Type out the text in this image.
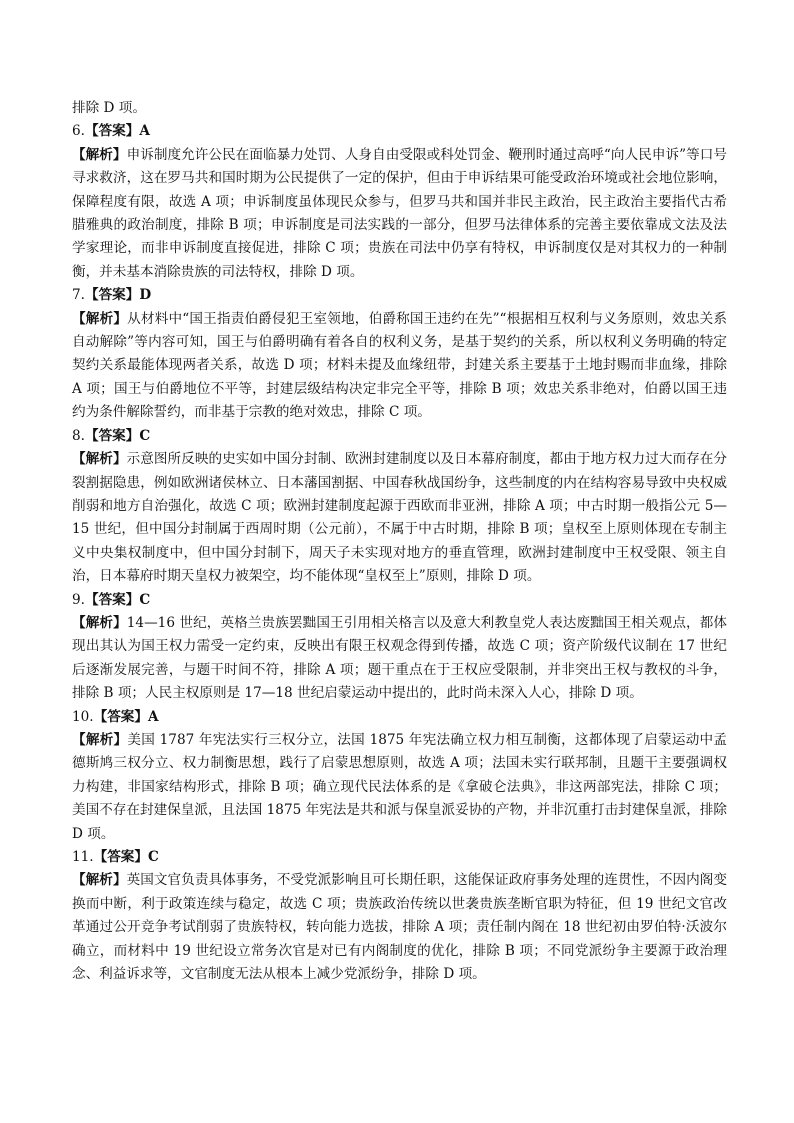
排除 D 项。

6.【答案】A

【解析】申诉制度允许公民在面临暴力处罚、人身自由受限或科处罚金、鞭刑时通过高呼“向人民申诉”等口号寻求救济，这在罗马共和国时期为公民提供了一定的保护，但由于申诉结果可能受政治环境或社会地位影响，保障程度有限，故选 A 项；申诉制度虽体现民众参与，但罗马共和国并非民主政治，民主政治主要指代古希腊雅典的政治制度，排除 B 项；申诉制度是司法实践的一部分，但罗马法律体系的完善主要依靠成文法及法学家理论，而非申诉制度直接促进，排除 C 项；贵族在司法中仍享有特权，申诉制度仅是对其权力的一种制衡，并未基本消除贵族的司法特权，排除 D 项。

7.【答案】D

【解析】从材料中“国王指责伯爵侵犯王室领地，伯爵称国王违约在先”“根据相互权利与义务原则，效忠关系自动解除”等内容可知，国王与伯爵明确有着各自的权利义务，是基于契约的关系，所以权利义务明确的特定契约关系最能体现两者关系，故选 D 项；材料未提及血缘纽带，封建关系主要基于土地封赐而非血缘，排除 A 项；国王与伯爵地位不平等，封建层级结构决定非完全平等，排除 B 项；效忠关系非绝对，伯爵以国王违约为条件解除誓约，而非基于宗教的绝对效忠，排除 C 项。

8.【答案】C

【解析】示意图所反映的史实如中国分封制、欧洲封建制度以及日本幕府制度，都由于地方权力过大而存在分裂割据隐患，例如欧洲诸侯林立、日本藩国割据、中国春秋战国纷争，这些制度的内在结构容易导致中央权威削弱和地方自治强化，故选 C 项；欧洲封建制度起源于西欧而非亚洲，排除 A 项；中古时期一般指公元 5—15 世纪，但中国分封制属于西周时期（公元前），不属于中古时期，排除 B 项；皇权至上原则体现在专制主义中央集权制度中，但中国分封制下，周天子未实现对地方的垂直管理，欧洲封建制度中王权受限、领主自治，日本幕府时期天皇权力被架空，均不能体现“皇权至上”原则，排除 D 项。

9.【答案】C

【解析】14—16 世纪，英格兰贵族罢黜国王引用相关格言以及意大利教皇党人表达废黜国王相关观点，都体现出其认为国王权力需受一定约束，反映出有限王权观念得到传播，故选 C 项；资产阶级代议制在 17 世纪后逐渐发展完善，与题干时间不符，排除 A 项；题干重点在于王权应受限制，并非突出王权与教权的斗争，排除 B 项；人民主权原则是 17—18 世纪启蒙运动中提出的，此时尚未深入人心，排除 D 项。

10.【答案】A

【解析】美国 1787 年宪法实行三权分立，法国 1875 年宪法确立权力相互制衡，这都体现了启蒙运动中孟德斯鸠三权分立、权力制衡思想，践行了启蒙思想原则，故选 A 项；法国未实行联邦制，且题干主要强调权力构建，非国家结构形式，排除 B 项；确立现代民法体系的是《拿破仑法典》，非这两部宪法，排除 C 项；美国不存在封建保皇派，且法国 1875 年宪法是共和派与保皇派妥协的产物，并非沉重打击封建保皇派，排除 D 项。

11.【答案】C

【解析】英国文官负责具体事务，不受党派影响且可长期任职，这能保证政府事务处理的连贯性，不因内阁变换而中断，利于政策连续与稳定，故选 C 项；贵族政治传统以世袭贵族垄断官职为特征，但 19 世纪文官改革通过公开竞争考试削弱了贵族特权，转向能力选拔，排除 A 项；责任制内阁在 18 世纪初由罗伯特·沃波尔确立，而材料中 19 世纪设立常务次官是对已有内阁制度的优化，排除 B 项；不同党派纷争主要源于政治理念、利益诉求等，文官制度无法从根本上减少党派纷争，排除 D 项。
